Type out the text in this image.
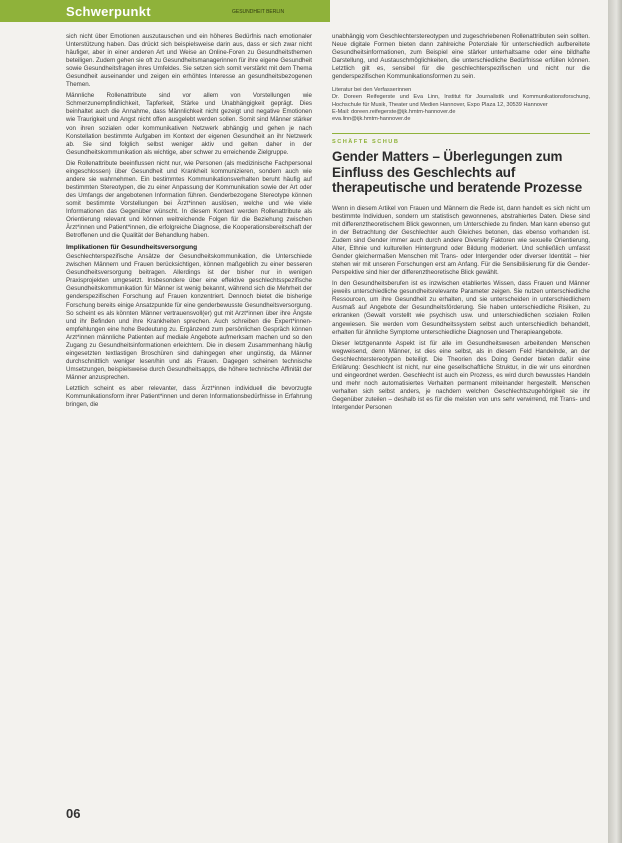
Schwerpunkt	GESUNDHEIT BERLIN

sich nicht über Emotionen auszutauschen und ein höheres Bedürfnis nach emotionaler Unterstützung haben. Das drückt sich beispielsweise darin aus, dass er sich zwar nicht häufiger, aber in einer anderen Art und Weise an Online-Foren zu Gesundheitsthemen beteiligen. Zudem gehen sie oft zu Gesundheitsmanagerinnen für ihre eigene Gesundheit sowie Gesundheitsfragen ihres Umfeldes. Sie setzen sich somit verstärkt mit dem Thema Gesundheit auseinander und zeigen ein erhöhtes Interesse an gesundheitsbezogenen Themen.

Männliche Rollenattribute sind vor allem von Vorstellungen wie Schmerzunempfindlichkeit, Tapferkeit, Stärke und Unabhängigkeit geprägt. Dies beinhaltet auch die Annahme, dass Männlichkeit nicht gezeigt und negative Emotionen wie Traurigkeit und Angst nicht offen ausgelebt werden sollen. Somit sind Männer stärker von ihren sozialen oder kommunikativen Netzwerk abhängig und gehen je nach Konstellation bestimmte Aufgaben im Kontext der eigenen Gesundheit an ihr Netzwerk ab. Sie sind folglich selbst weniger aktiv und gelten daher in der Gesundheitskommunikation als wichtige, aber schwer zu erreichende Zielgruppe.

Die Rollenattribute beeinflussen nicht nur, wie Personen (als medizinische Fachpersonal eingeschlossen) über Gesundheit und Krankheit kommunizieren, sondern auch wie andere sie wahrnehmen. Ein bestimmtes Kommunikationsverhalten beruht häufig auf bestimmten Stereotypen, die zu einer Anpassung der Kommunikation sowie der Art oder des Umfangs der angebotenen Information führen. Genderbezogene Stereotype können somit bestimmte Vorstellungen bei Ärzt*innen auslösen, welche und wie viele Informationen das Gegenüber wünscht. In diesem Kontext werden Rollenattribute als Orientierung relevant und können weitreichende Folgen für die Beziehung zwischen Ärzt*innen und Patient*innen, die erfolgreiche Diagnose, die Kooperationsbereitschaft der Betroffenen und die Qualität der Behandlung haben.

Implikationen für Gesundheitsversorgung

Geschlechterspezifische Ansätze der Gesundheitskommunikation, die Unterschiede zwischen Männern und Frauen berücksichtigen, können maßgeblich zu einer besseren Gesundheitsversorgung beitragen. Allerdings ist der bisher nur in wenigen Praxisprojekten umgesetzt. Insbesondere über eine effektive geschlechtsspezifische Gesundheitskommunikation für Männer ist wenig bekannt, während sich die Mehrheit der genderspezifischen Forschung auf Frauen konzentriert. Dennoch bietet die bisherige Forschung bereits einige Ansatzpunkte für eine genderbewusste Gesundheitsversorgung. So scheint es als könnten Männer vertrauensvoll(er) gut mit Arzt*innen über ihre Ängste und ihr Befinden und ihre Krankheiten sprechen. Auch schreiben die Expert*innen-empfehlungen eine hohe Bedeutung zu. Ergänzend zum persönlichen Gespräch können Arzt*innen männliche Patienten auf mediale Angebote aufmerksam machen und so den Zugang zu Gesundheitsinformationen erleichtern. Die in diesem Zusammenhang häufig eingesetzten textlastigen Broschüren sind dahingegen eher ungünstig, da Männer durchschnittlich weniger lesen/hin und als Frauen. Dagegen scheinen technische Umsetzungen, beispielsweise durch Gesundheitsapps, die höhere technische Affinität der Männer anzusprechen.

Letztlich scheint es aber relevanter, dass Ärzt*innen individuell die bevorzugte Kommunikationsform ihrer Patient*innen und deren Informationsbedürfnisse in Erfahrung bringen, die

unabhängig vom Geschlechterstereotypen und zugeschriebenen Rollenattributen sein sollten. Neue digitale Formen bieten dann zahlreiche Potenziale für unterschiedlich aufbereitete Gesundheitsinformationen, zum Beispiel eine stärker unterhaltsame oder eine bildhafte Darstellung, und Austauschmöglichkeiten, die unterschiedliche Bedürfnisse erfüllen können. Letztlich gilt es, sensibel für die geschlechterspezifischen und nicht nur die genderspezifischen Kommunikationsformen zu sein.

Literatur bei den Verfasserinnen
Dr. Doreen Reifegerste und Eva Linn, Institut für Journalistik und Kommunikationsforschung, Hochschule für Musik, Theater und Medien Hannover, Expo Plaza 12, 30539 Hannover
E-Mail: doreen.reifegerste@ijk.hmtm-hannover.de
eva.linn@ijk.hmtm-hannover.de
SCHÄFTE SCHUB
Gender Matters – Überlegungen zum Einfluss des Geschlechts auf therapeutische und beratende Prozesse

Wenn in diesem Artikel von Frauen und Männern die Rede ist, dann handelt es sich nicht um bestimmte Individuen, sondern um statistisch gewonnenes, abstrahiertes Daten. Diese sind mit differenztheoretischem Blick gewonnen, um Unterschiede zu finden. Man kann ebenso gut in der Betrachtung der Geschlechter auch Gleiches betonen, das ebenso vorhanden ist. Zudem sind Gender immer auch durch andere Diversity Faktoren wie sexuelle Orientierung, Alter, Ethnie und kulturellen Hintergrund oder Bildung moderiert. Und schließlich umfasst Gender gleichermaßen Menschen mit Trans- oder Intergender oder diverser Identität – hier stehen wir mit unseren Forschungen erst am Anfang. Für die Sensibilisierung für die Gender-Perspektive sind hier der differenztheoretische Blick gewählt.

In den Gesundheitsberufen ist es inzwischen etabliertes Wissen, dass Frauen und Männer jeweils unterschiedliche gesundheitsrelevante Parameter zeigen. Sie nutzen unterschiedliche Ressourcen, um ihre Gesundheit zu erhalten, und sie unterscheiden in unterschiedlichem Ausmaß auf Angebote der Gesundheitsförderung. Sie haben unterschiedliche Risiken, zu erkranken (Gewalt vorstellt wie psychisch usw. und unterschiedlichen sozialen Rollen angewiesen. Sie werden vom Gesundheitssystem selbst auch unterschiedlich behandelt, erhalten für ähnliche Symptome unterschiedliche Diagnosen und Therapieangebote.

Dieser letztgenannte Aspekt ist für alle im Gesundheitswesen arbeitenden Menschen wegweisend, denn Männer, ist dies eine selbst, als in diesem Feld Handelnde, an der Geschlechterstereotypen beteiligt. Die Theorien des Doing Gender bieten dafür eine Erklärung: Geschlecht ist nicht, nur eine gesellschaftliche Struktur, in die wir uns einordnen und eingeordnet werden. Geschlecht ist auch ein Prozess, es wird durch bewusstes Handeln und mehr noch automatisiertes Verhalten permanent miteinander hergestellt. Menschen verhalten sich selbst anders, je nachdem welchen Geschlechtszugehörigkeit sie ihr Gegenüber zuteilen – deshalb ist es für die meisten von uns sehr verwirrend, mit Trans- und Intergender Personen

06
